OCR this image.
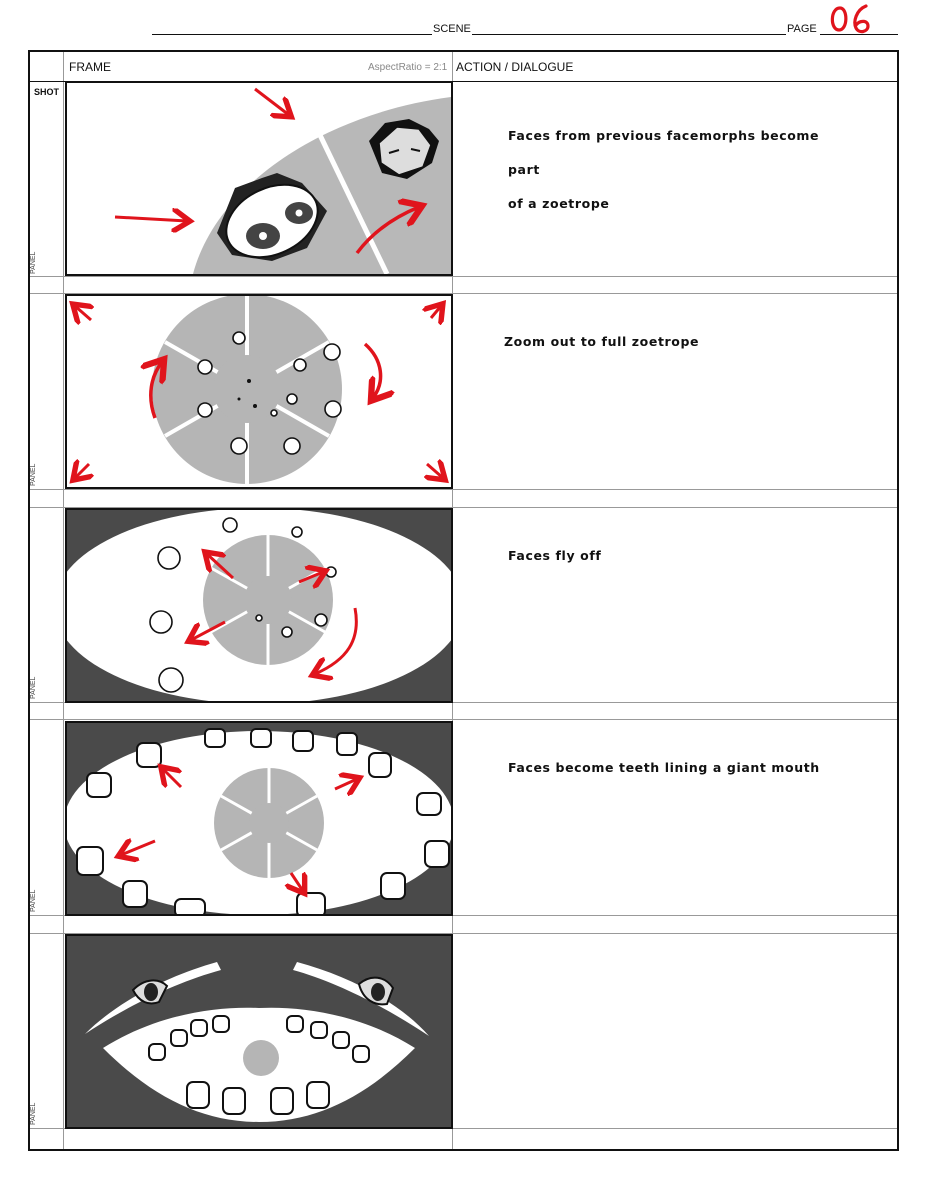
SCENE	PAGE
FRAME	AspectRatio = 2:1 ACTION / DIALOGUE
SHOT
PANEL
PANEL
PANEL
PANEL
PANEL
Faces from previous facemorphs become part
of a zoetrope
Zoom out to full zoetrope
Faces fly off
Faces become teeth lining a giant mouth
